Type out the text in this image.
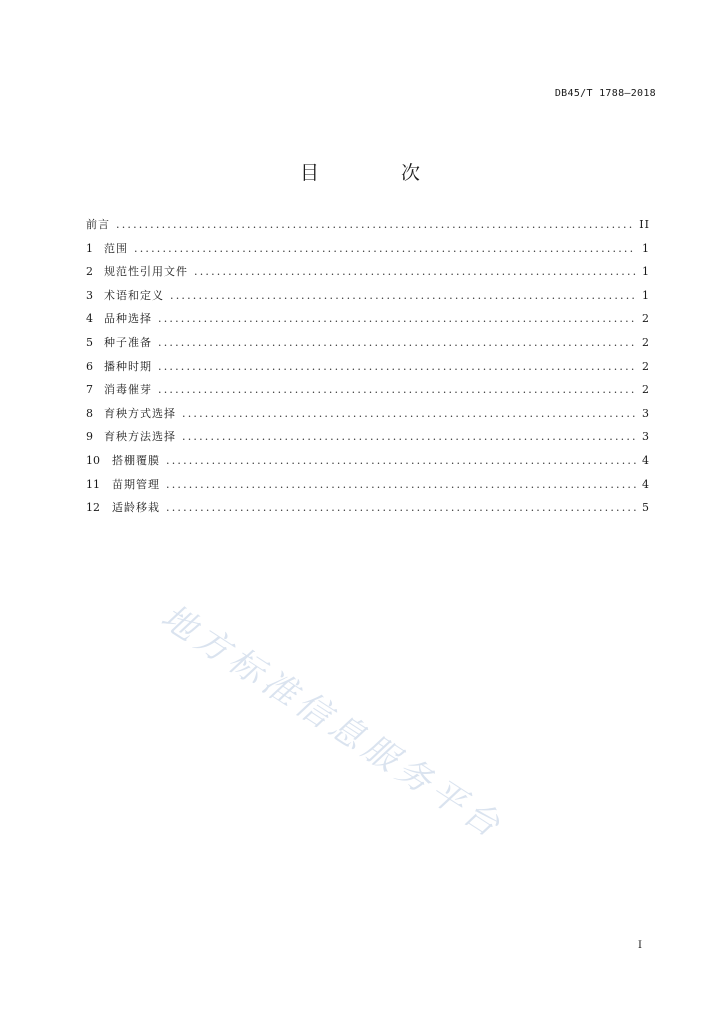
DB45/T 1788—2018
目 次
前言 .....	II
1	范围 .....	1
2	规范性引用文件 .....	1
3	术语和定义 .....	1
4	品种选择 .....	2
5	种子准备 .....	2
6	播种时期 .....	2
7	消毒催芽 .....	2
8	育秧方式选择 .....	3
9	育秧方法选择 .....	3
10	搭棚覆膜 .....	4
11	苗期管理 .....	4
12	适龄移栽 .....	5
地方标准信息服务平台
I
